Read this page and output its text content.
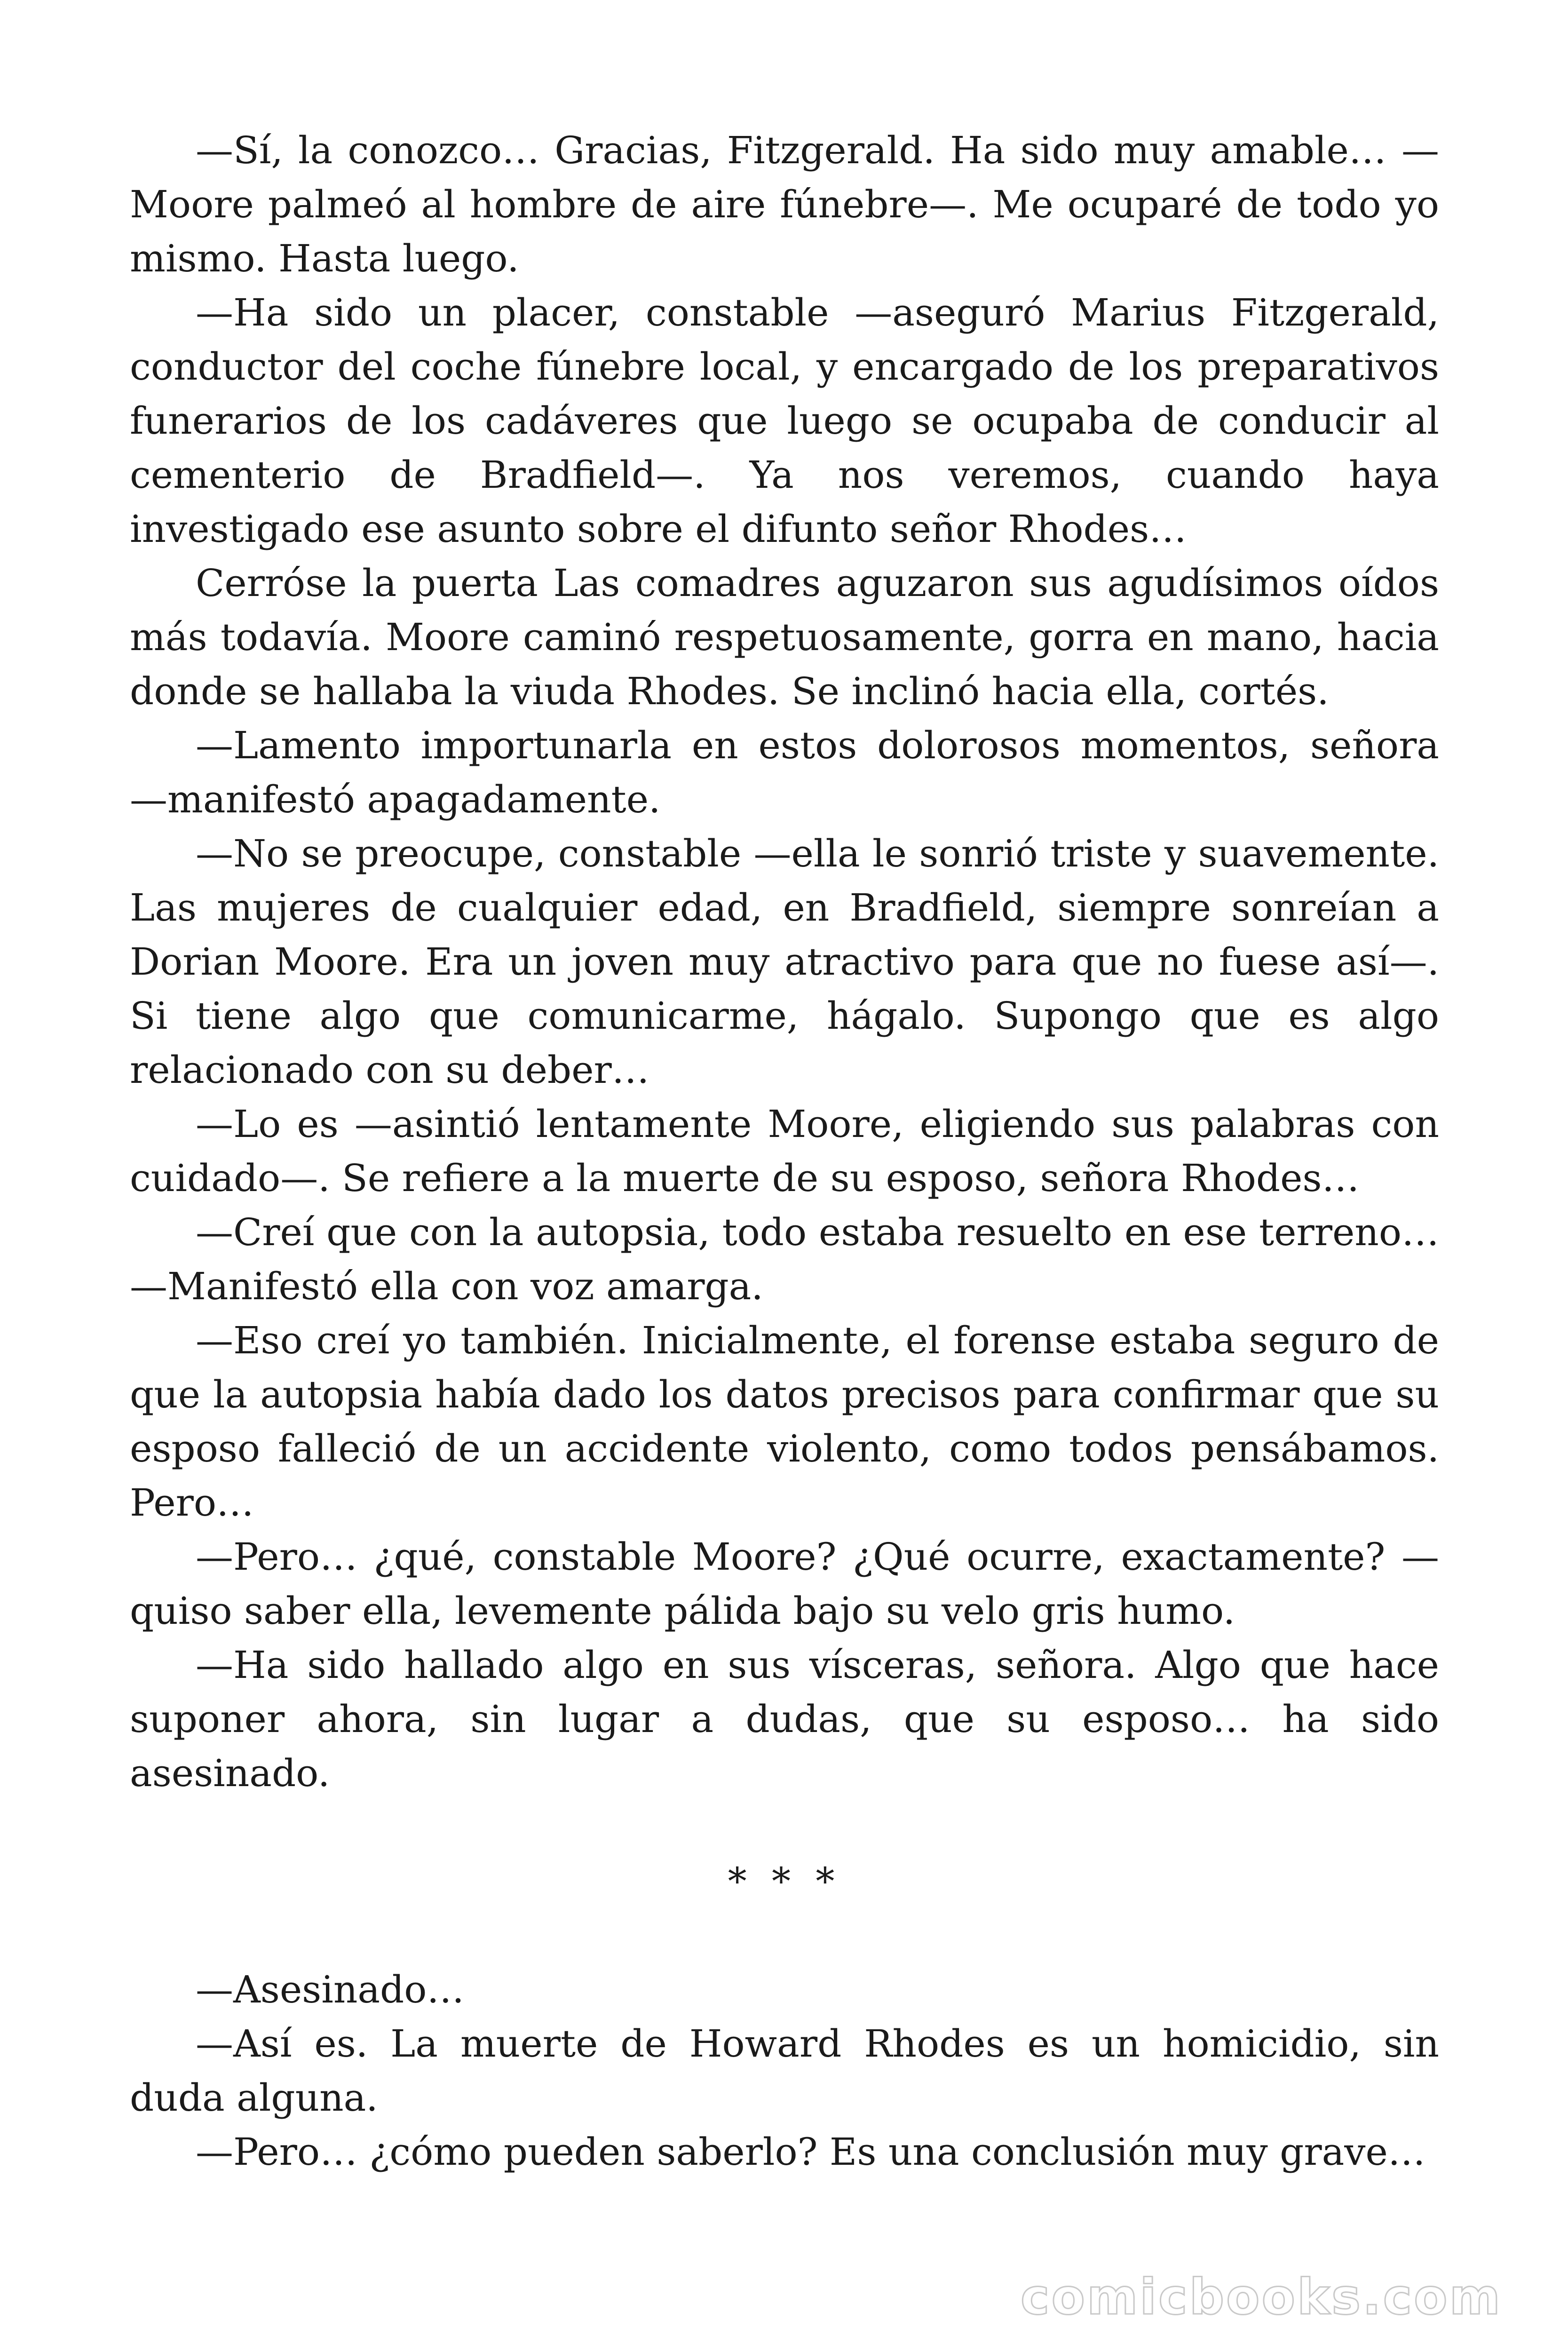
—Sí, la conozco… Gracias, Fitzgerald. Ha sido muy amable… —Moore palmeó al hombre de aire fúnebre—. Me ocuparé de todo yo mismo. Hasta luego.

—Ha sido un placer, constable —aseguró Marius Fitzgerald, conductor del coche fúnebre local, y encargado de los preparativos funerarios de los cadáveres que luego se ocupaba de conducir al cementerio de Bradfield—. Ya nos veremos, cuando haya investigado ese asunto sobre el difunto señor Rhodes…

Cerróse la puerta Las comadres aguzaron sus agudísimos oídos más todavía. Moore caminó respetuosamente, gorra en mano, hacia donde se hallaba la viuda Rhodes. Se inclinó hacia ella, cortés.

—Lamento importunarla en estos dolorosos momentos, señora —manifestó apagadamente.

—No se preocupe, constable —ella le sonrió triste y suavemente. Las mujeres de cualquier edad, en Bradfield, siempre sonreían a Dorian Moore. Era un joven muy atractivo para que no fuese así—. Si tiene algo que comunicarme, hágalo. Supongo que es algo relacionado con su deber…

—Lo es —asintió lentamente Moore, eligiendo sus palabras con cuidado—. Se refiere a la muerte de su esposo, señora Rhodes…

—Creí que con la autopsia, todo estaba resuelto en ese terreno… —Manifestó ella con voz amarga.

—Eso creí yo también. Inicialmente, el forense estaba seguro de que la autopsia había dado los datos precisos para confirmar que su esposo falleció de un accidente violento, como todos pensábamos. Pero…

—Pero… ¿qué, constable Moore? ¿Qué ocurre, exactamente? —quiso saber ella, levemente pálida bajo su velo gris humo.

—Ha sido hallado algo en sus vísceras, señora. Algo que hace suponer ahora, sin lugar a dudas, que su esposo… ha sido asesinado.

* * *

—Asesinado…

—Así es. La muerte de Howard Rhodes es un homicidio, sin duda alguna.

—Pero… ¿cómo pueden saberlo? Es una conclusión muy grave…

comicbooks.com
